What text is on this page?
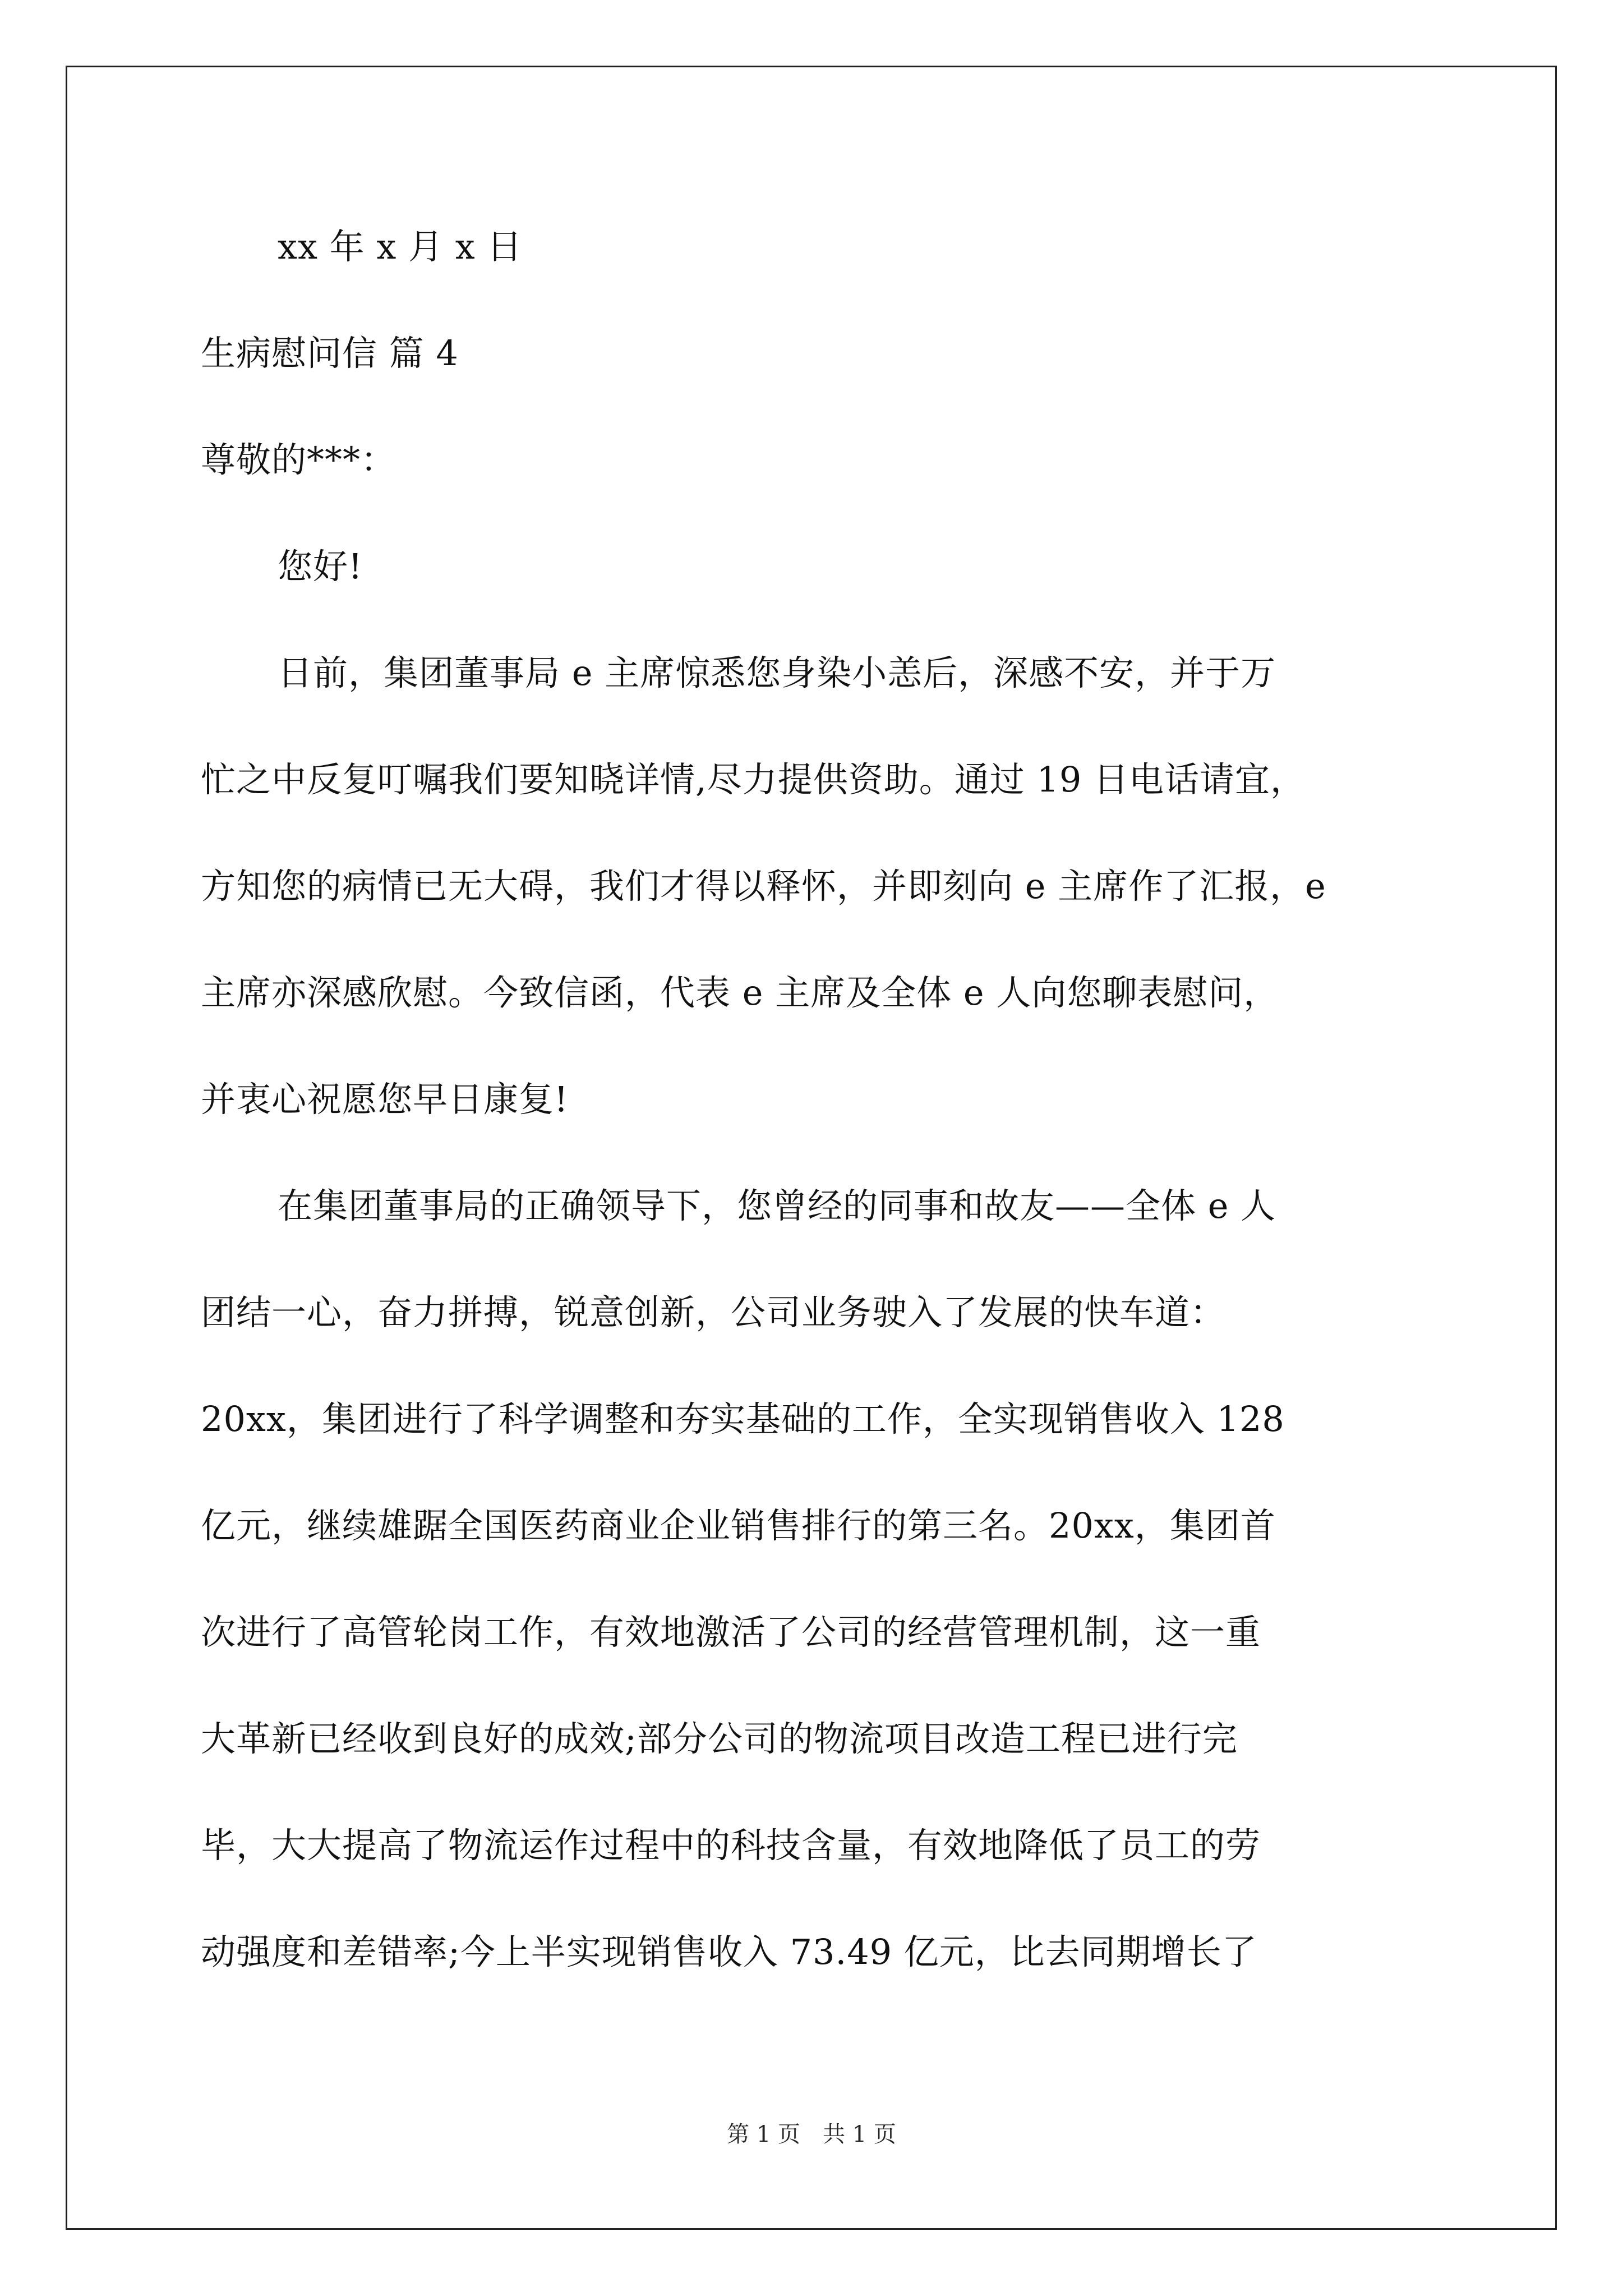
xx 年 x 月 x 日
生病慰问信 篇 4
尊敬的***：
您好!
日前，集团董事局 e 主席惊悉您身染小恙后，深感不安，并于万
忙之中反复叮嘱我们要知晓详情,尽力提供资助。通过 19 日电话请宜，
方知您的病情已无大碍，我们才得以释怀，并即刻向 e 主席作了汇报，e
主席亦深感欣慰。今致信函，代表 e 主席及全体 e 人向您聊表慰问，
并衷心祝愿您早日康复!
在集团董事局的正确领导下，您曾经的同事和故友——全体 e 人
团结一心，奋力拼搏，锐意创新，公司业务驶入了发展的快车道：
20xx，集团进行了科学调整和夯实基础的工作，全实现销售收入 128
亿元，继续雄踞全国医药商业企业销售排行的第三名。20xx，集团首
次进行了高管轮岗工作，有效地激活了公司的经营管理机制，这一重
大革新已经收到良好的成效;部分公司的物流项目改造工程已进行完
毕，大大提高了物流运作过程中的科技含量，有效地降低了员工的劳
动强度和差错率;今上半实现销售收入 73.49 亿元，比去同期增长了
第 1 页　共 1 页
